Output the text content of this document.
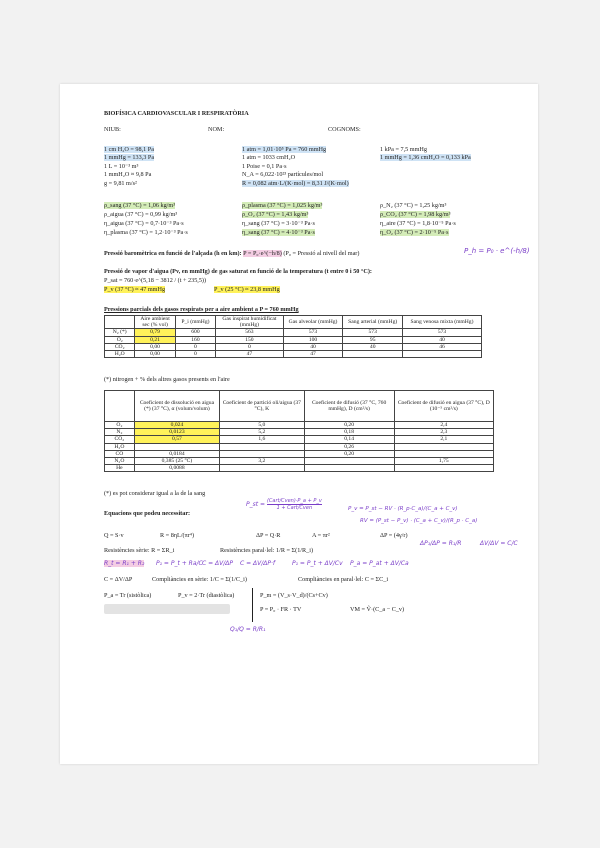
BIOFÍSICA CARDIOVASCULAR I RESPIRATÒRIA
NIUB:	NOM:	COGNOMS:
1 cm H₂O = 98,1 Pa
1 mmHg = 133,3 Pa
1 L = 10⁻³ m³
1 mmH₂O ≈ 9,8 Pa
g = 9,81 m/s²
1 atm = 1,01·10⁵ Pa = 760 mmHg
1 atm = 1033 cmH₂O
1 Poise = 0,1 Pa·s
N_A = 6,022·10²³ partícules/mol
R = 0,082 atm·L/(K·mol) = 8,31 J/(K·mol)
1 kPa = 7,5 mmHg
1 mmHg = 1,36 cmH₂O = 0,133 kPa
ρ_sang (37 °C) = 1,06 kg/m³
ρ_aigua (37 °C) = 0,99 kg/m³
η_aigua (37 °C) = 0,7·10⁻³ Pa·s
η_plasma (37 °C) = 1,2·10⁻³ Pa·s
ρ_plasma (37 °C) = 1,025 kg/m³
ρ_O₂ (37 °C) = 1,43 kg/m³
η_sang (37 °C) = 3·10⁻³ Pa·s
η_sang (37 °C) = 4·10⁻³ Pa·s
ρ_N₂ (37 °C) = 1,25 kg/m³
ρ_CO₂ (37 °C) = 1,98 kg/m³
η_aire (37 °C) = 1,8·10⁻⁵ Pa·s
η_O₂ (37 °C) = 2·10⁻⁵ Pa·s
Pressió baromètrica en funció de l'alçada (h en km): P = P₀·e^(−h/8) (P₀ = Pressió al nivell del mar)	P_h = P₀ · e^(-h/8)
Pressió de vapor d'aigua (Pv, en mmHg) de gas saturat en funció de la temperatura (t entre 0 i 50 °C):
P_sat = 760·e^(5,18 − 3812 / (t + 235,5))
P_v (37 °C) ≈ 47 mmHg	P_v (25 °C) ≈ 23,8 mmHg
Pressions parcials dels gasos respirats per a aire ambient a P = 760 mmHg
	Aire ambient sec (% vol)	P_i (mmHg)	Gas inspirat humidificat (mmHg)	Gas alveolar (mmHg)	Sang arterial (mmHg)	Sang venosa mixta (mmHg)
N₂ (*)	0,79	600	563	573	573	573
O₂	0,21	160	150	100	95	40
CO₂	0,00	0	0	40	40	46
H₂O	0,00	0	47	47		
(*) nitrogen + % dels altres gasos presents en l'aire
	Coeficient de dissolució en aigua (*) (37 °C), α (volum/volum)	Coeficient de partició oli/aigua (37 °C), K	Coeficient de difusió (37 °C, 760 mmHg), D (cm²/s)	Coeficient de difusió en aigua (37 °C), D (10⁻⁵ cm²/s)
O₂	0,024	5,0	0,20	2,4
N₂	0,0123	5,2	0,18	2,3
CO₂	0,57	1,6	0,14	2,1
H₂O			0,26	
CO	0,0184		0,20	
N₂O	0,385 (25 °C)	3,2		1,75
He	0,0088			
(*) es pot considerar igual a la de la sang
Equacions que podeu necessitar:
P_st = $\frac{\text{(Cart/Cven)·P\_a + P\_v}}{\text{1 + Cart/Cven}}$	P_v = P_st − RV · (R_p·C_a)/(C_a + C_v)
RV = (P_st − P_v) · (C_a + C_v)/(R_p · C_a)
Q = S·v	R = 8ηL/(πr⁴)	ΔP = Q·R	A = πr²	ΔP = (4γ/r)
Resistències sèrie: R = ΣR_i	Resistències paral·lel: 1/R = Σ(1/R_i)
ΔP₁/ΔP = R₁/R	ΔV/ΔV = C/C
R_t = R₁ + R₂ P₁ = P_t + Ra/C C = ΔV/ΔP C = ΔV/ΔP·f	P₁ = P_t + ΔV/Cv P_a = P_at + ΔV/Ca
C = ΔV/ΔP	Compliàncies en sèrie: 1/C = Σ(1/C_i)	Compliàncies en paral·lel: C = ΣC_i
P_a = Tr (sistòlica)	P_v = 2·Tr (diastòlica)	P_m = (V_s·V_d)/(Cs+Cv)
P = P₀ · FR · TV	VM = Ṽ·(C_a − C_v)
Q₁/Q = R/R₁
